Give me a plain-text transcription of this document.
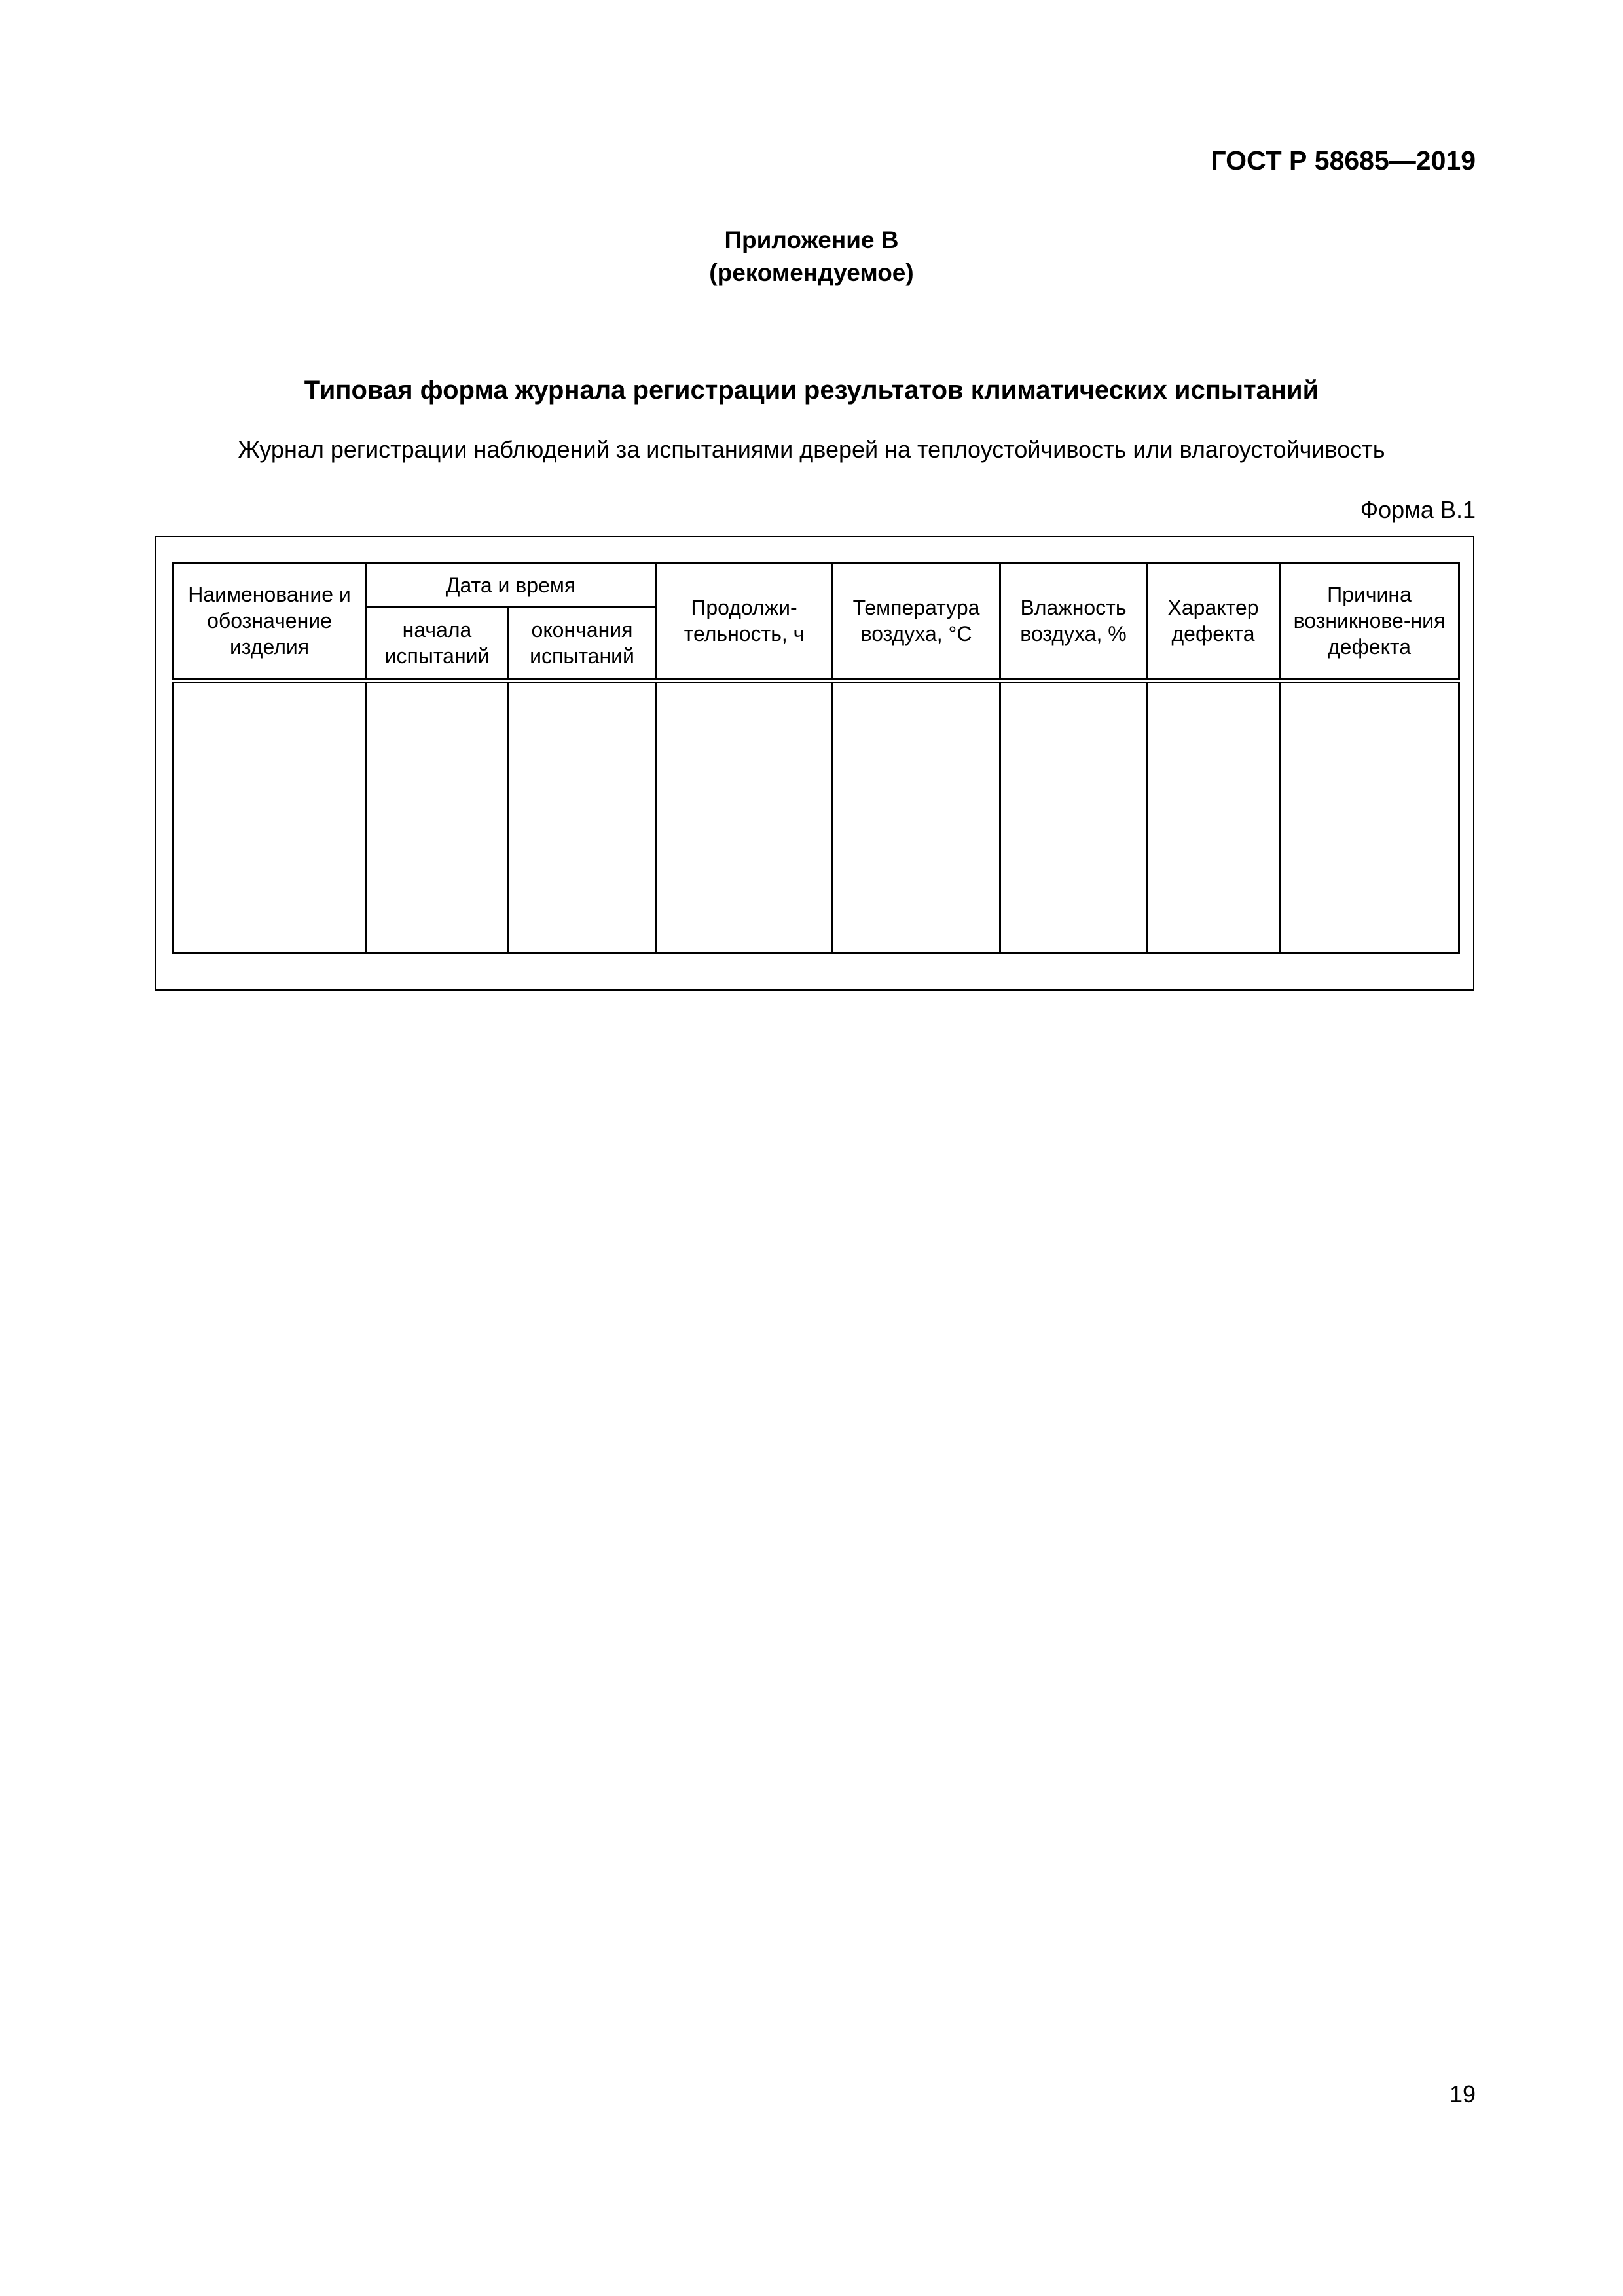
ГОСТ Р 58685—2019
Приложение В
(рекомендуемое)
Типовая форма журнала регистрации результатов климатических испытаний
Журнал регистрации наблюдений за испытаниями дверей на теплоустойчивость или влагоустойчивость
Форма В.1
Наименование и обозначение изделия	Дата и время		Продолжи-тельность, ч	Температура воздуха, °С	Влажность воздуха, %	Характер дефекта	Причина возникнове-ния дефекта
	начала испытаний	окончания испытаний					

19
